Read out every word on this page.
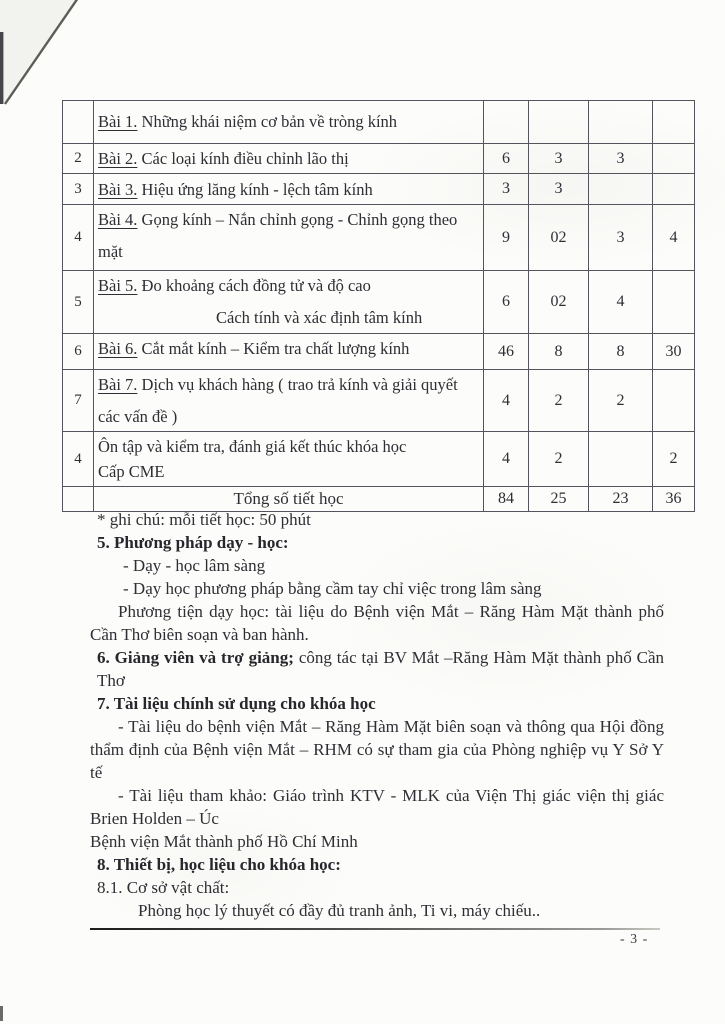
	Bài 1. Những khái niệm cơ bản về tròng kính				
2	Bài 2. Các loại kính điều chỉnh lão thị	6	3	3	
3	Bài 3. Hiệu ứng lăng kính - lệch tâm kính	3	3		
4	Bài 4. Gọng kính – Nắn chỉnh gọng - Chỉnh gọng theo
mặt	9	02	3	4
5	Bài 5. Đo khoảng cách đồng tử và độ cao
Cách tính và xác định tâm kính	6	02	4	
6	Bài 6. Cắt mắt kính – Kiểm tra chất lượng kính	46	8	8	30
7	Bài 7. Dịch vụ khách hàng ( trao trả kính và giải quyết
các vấn đề )	4	2	2	
4	Ôn tập và kiểm tra, đánh giá kết thúc khóa học
Cấp CME	4	2		2
	Tổng số tiết học	84	25	23	36

* ghi chú: mỗi tiết học: 50 phút

5. Phương pháp dạy - học:

- Dạy - học lâm sàng

- Dạy học phương pháp bằng cầm tay chỉ việc trong lâm sàng

Phương tiện dạy học: tài liệu do Bệnh viện Mắt – Răng Hàm Mặt thành phố Cần Thơ biên soạn và ban hành.

6. Giảng viên và trợ giảng; công tác tại BV Mắt –Răng Hàm Mặt thành phố Cần Thơ

7. Tài liệu chính sử dụng cho khóa học

- Tài liệu do bệnh viện Mắt – Răng Hàm Mặt biên soạn và thông qua Hội đồng thẩm định của Bệnh viện Mắt – RHM có sự tham gia của Phòng nghiệp vụ Y Sở Y tế

- Tài liệu tham khảo: Giáo trình KTV - MLK của Viện Thị giác viện thị giác Brien Holden – Úc

Bệnh viện Mắt thành phố Hồ Chí Minh

8. Thiết bị, học liệu cho khóa học:

8.1. Cơ sở vật chất:

Phòng học lý thuyết có đầy đủ tranh ảnh, Ti vi, máy chiếu..

- 3 -
